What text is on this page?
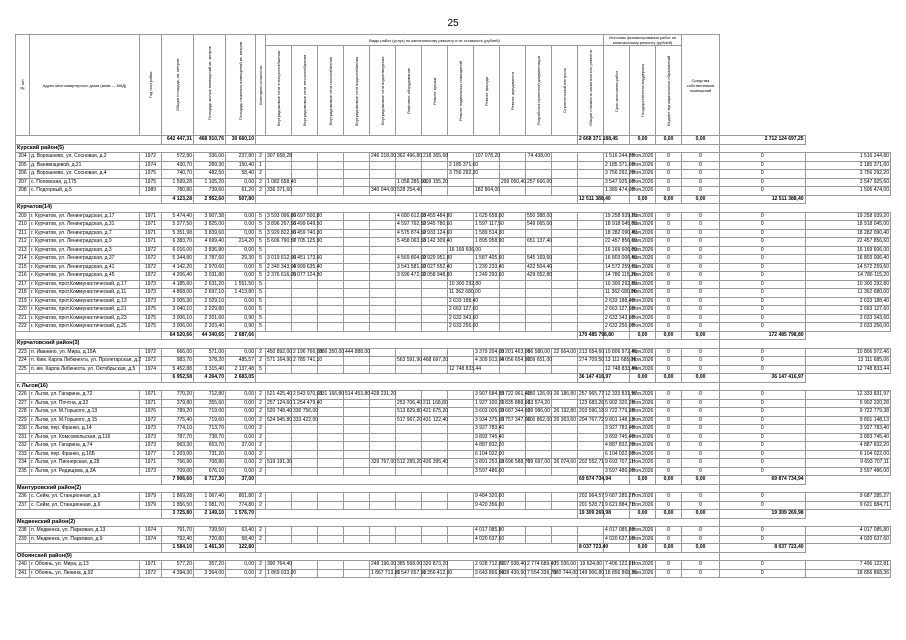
25
№ п/п	Адрес многоквартирного дома (кв/кв — МКД)	Год постройки	Общая площадь, кв. метров	Площадь жилых помещений кв. метров	Площадь нежилых помещений кв. метров	Категория сложности	Виды работ (услуг) по капитальному ремонту и их стоимость (рублей)													Источник финансирования работ по капитальному ремонту (рублей)			Средства собственников помещений		

							Внутридомовые сети электроснабжения	Внутридомовые сети теплоснабжения	Внутридомовые сети газоснабжения	Внутридомовые сети водоснабжения	Внутридомовые сети водоотведения	Лифтовое оборудование	Ремонт крыши	Ремонт подвальных помещений	Ремонт фасада	Ремонт фундамента	Разработка проектной документации	Строительный контроль	Общая стоимость капитального ремонта	Срок окончания работ	Государственная поддержка	Бюджет муниципальных образований			

			642 447,31	468 910,76	30 660,10														2 668 371 188,45		0,00	0,00	0,00	2 712 124 697,25	
Курский район(5)																									
204	д. Ворошнево, ул. Сосновая, д.2	1972	572,80	336,00	237,80	2	307 658,28				246 218,00	362 496,80	218 365,68		107 078,20		74 438,00			1 516 244,80	Ноя.2026	0	0	0	1 516 244,80
205	д. Ванивнщевой, д.21	1974	430,70	289,30	150,40	1								2 185 371,60						2 185 371,60	Ноя.2026	0	0	0	2 185 371,60
206	д. Ворошнево, ул. Сосновая, д.4	1975	740,70	482,50	58,40	2								3 756 292,20						3 756 292,20	Ноя.2026	0	0	0	3 756 292,20
207	с. Полевская, д.175	1975	1 599,28	1 105,20	0,00	2	1 082 658,40					1 058 285,60	609 155,20			299 050,40	257 666,00			3 547 925,60	Ноя.2026	0	0	0	3 547 925,60
208	с. Подгорный, д.5	1989	780,80	739,60	61,20	2	336 371,60				340 044,00	528 254,40			182 804,00					1 389 474,00	Ноя.2026	0	0	0	1 506 474,00
			4 123,28	2 952,60	507,80														12 511 388,40		0,00	0,00	0,00	12 511 388,40	
Курчатов(14)																									
209	г. Курчатов, ул. Ленинградская, д.17	1971	5 474,40	3 907,38	0,00	5	3 593 096,80	6 697 500,80				4 680 612,00	3 455 484,80		1 625 658,00		550 388,00			19 258 939,20	Ноя.2026	0	0	0	19 258 939,20
210	г. Курчатов, ул. Ленинградская, д.31	1971	5 377,50	3 825,00	0,00	5	3 896 267,50	6 499 649,50				4 597 762,50	2 945 780,60		1 597 117,50		549 065,00			18 918 045,00	Ноя.2026	0	0	0	18 918 045,00
211	г. Курчатов, ул. Ленинградская, д.7	1971	5 351,98	3 839,60	0,00	5	3 929 822,50	6 459 740,30				4 575 874,50	2 933 124,60		1 589 514,30					18 282 090,40	Ноя.2026	0	0	0	18 282 090,40
212	г. Курчатов, ул. Ленинградская, д.9	1971	6 383,70	4 699,40	214,20	5	5 606 790,50	7 705 125,90				5 458 063,50	3 142 309,40		1 895 958,90		651 137,40			22 457 856,60	Ноя.2026	0	0	0	22 457 856,60
213	г. Курчатов, ул. Ленинградская, д.3	1972	6 016,00	3 836,80	0,00	5								16 169 606,00						16 169 606,00	Ноя.2026	0	0	0	16 169 606,00
214	г. Курчатов, ул. Ленинградская, д.37	1972	5 344,80	3 787,60	29,30	5	3 019 612,00	6 451 173,60				4 569 804,00	2 929 951,80		1 587 405,60		545 169,60			16 803 006,40	Ноя.2026	0	0	0	16 803 006,40
215	г. Курчатов, ул. Ленинградская, д.41	1972	4 142,20	2 970,60	0,00	5	2 340 343,00	4 999 635,40				3 541 581,00	2 027 552,40		1 230 233,40		422 504,40			14 572 259,60	Ноя.2026	0	0	0	14 572 259,60
216	г. Курчатов, ул. Ленинградская, д.45	1972	4 206,40	3 031,80	0,00	5	2 376 616,00	5 077 124,80				3 596 472,00	2 058 948,80		1 249 293,60		429 052,80			14 786 115,20	Ноя.2026	0	0	0	14 786 115,20
217	г. Курчатов, прот.Коммунистический, д.17	1973	4 185,60	2 631,20	1 551,50	5								10 300 292,80						10 300 292,80	Ноя.2026	0	0	0	10 300 292,80
218	г. Курчатов, прот.Коммунистический, д.11	1973	4 868,00	2 697,10	1 413,80	5								11 362 680,00						11 362 680,00	Ноя.2026	0	0	0	11 362 680,00
219	г. Курчатов, прот.Коммунистический, д.13	1973	3 005,30	2 029,10	0,00	5								2 633 188,40						2 633 188,40	Ноя.2026	0	0	0	2 633 188,40
220	г. Курчатов, прот.Коммунистический, д.21	1975	3 040,10	2 229,80	0,00	5								2 663 127,60						2 663 127,60	Ноя.2026	0	0	0	2 663 127,60
221	г. Курчатов, прот.Коммунистический, д.23	1975	3 006,10	2 201,60	0,90	5								2 633 343,60						2 633 343,60	Ноя.2026	0	0	0	2 633 343,60
222	г. Курчатов, прот.Коммунистический, д.25	1975	3 006,00	2 203,40	0,90	5								2 633 256,00						2 633 256,00	Ноя.2026	0	0	0	2 633 256,00
			64 520,66	44 340,65	2 687,66														170 485 798,80		0,00	0,00	0,00	172 485 798,80	
Курчатовский район(3)																									
223	п. Иванино, ул. Мира, д.19А	1972	666,00	571,00	0,00	2	450 892,00	2 196 766,00	386 350,00	444 888,00					3 379 204,00	3 201 463,00	66 580,00	22 664,00	213 654,60	10 806 972,46	Ноя.2026	0	0	0	10 806 972,46
224	п. Ким. Карла Либкнехта, ул. Пролетарская, д.2	1972	983,70	378,20	485,57	2	571 164,90	2 785 741,10				563 591,90	468 697,20		4 309 913,90	4 056 654,90	109 651,00		274 709,50	13 111 685,06	Ноя.2026	0	0	0	13 111 685,06
225	п. им. Карла Либкнехта, ул. Октябрьская, д.5	1974	5 452,88	3 315,40	2 137,48	5								12 748 833,44						12 748 833,44	Ноя.2026	0	0	0	12 748 833,44
			6 952,58	4 264,70	2 683,05														36 147 416,97		0,00	0,00	0,00	36 147 416,97	
г. Льгов(16)																									
226	г. Льгов, ул. Гагарина, д.72	1971	770,20	712,80	0,00	2	521 425,40	2 543 970,60	331 166,80	514 453,80	428 231,20				3 907 684,80	3 722 961,40	180 126,00	26 186,80	257 965,77	12 333 831,97	Ноя.2026	0	0	0	12 333 831,97
227	г. Льгов, ул. Почтна, д.32	1971	379,80	355,60	0,00	2	257 124,60	1 254 479,40				253 706,40	211 168,80		1 927 100,20	1 835 888,60	63 574,20		123 683,26	5 902 320,28	Ноя.2026	0	0	0	5 902 320,28
228	г. Льгов, ул. М.Горького, д.13	1976	789,20	719,00	0,00	2	520 748,40	330 756,00				513 829,80	421 675,20		3 603 005,00	3 687 344,60	99 986,00	26 192,80	203 596,18	9 722 779,38	Ноя.2026	0	0	0	9 722 779,38
229	г. Льгов, ул. М.Горького, д.15	1972	775,40	719,60	0,00	2	524 945,80	333 422,00				517 967,20	431 122,40		3 934 375,60	3 757 347,00	100 862,00	26 363,60	204 767,72	9 801 148,13	Ноя.2026	0	0	0	9 801 148,13
230	г. Льгов, пер. Франко, д.14	1973	774,10	713,70	0,00	2									3 927 783,40					3 927 783,40	Ноя.2026	0	0	0	3 927 783,40
231	г. Льгов, ул. Комсомольская, д.116	1973	787,70	738,70	0,00	2									3 893 745,40					3 893 745,40	Ноя.2026	0	0	0	3 893 745,40
232	г. Льгов, ул. Гагарина, д.74	1973	963,30	653,70	37,00	2									4 887 832,20					4 887 832,20	Ноя.2026	0	0	0	4 887 832,20
233	г. Льгов, пер. Франко, д.16Б	1977	1 203,00	731,20	0,00	2									6 104 022,00					6 104 022,00	Ноя.2026	0	0	0	6 104 022,00
234	г. Льгов, ул. Пионерская, д.28	1971	766,90	708,80	0,00	2	519 191,30				329 767,00	512 289,20	426 395,40		3 891 253,60	3 696 588,70	99 697,00	26 074,60	202 552,71	9 693 707,11	Ноя.2026	0	0	0	9 693 707,11
235	г. Льгов, ул. Редищева, д.3А	1973	709,00	676,10	0,00	2									3 597 486,00					3 597 486,00	Ноя.2026	0	0	0	3 597 486,00
			7 906,60	6 717,30	37,00														69 874 734,94		0,00	0,00	0,00	69 874 734,94	
Мантуровский район(2)																									
236	с. Сейм, ул. Станционная, д.5	1979	1 869,28	1 067,40	801,80	2									9 484 320,00				202 964,57	9 687 285,27	Ноя.2026	0	0	0	9 687 285,27
237	с. Сейм, ул. Станционная, д.6	1979	1 856,50	1 081,70	774,80	2									9 420 356,00				201 528,71	9 621 884,71	Ноя.2026	0	0	0	9 621 884,71
			3 725,80	2 149,10	1 576,70														19 309 269,98		0,00	0,00	0,00	19 309 269,98	
Медвенский район(2)																									
238	п. Медвенка, ул. Парковая, д.13	1974	791,70	739,50	63,40	2									4 017 085,80					4 017 085,80	Ноя.2026	0	0	0	4 017 085,80
239	п. Медвенка, ул. Парковая, д.9	1974	792,40	720,80	58,40	2									4 020 637,60					4 020 637,60	Ноя.2026	0	0	0	4 020 637,60
			1 584,10	1 461,30	122,80														8 037 723,40		0,00	0,00	0,00	8 037 723,40	
Обоянский район(9)																									
240	г. Обоянь, ул. Мира, д.13	1971	577,20	357,20	0,00	2	390 764,40				248 196,00	385 568,00	320 873,20		2 928 712,80	107 938,40	2 774 689,40	75 036,00	19 624,80	7 406 122,81	Ноя.2026	0	0	0	7 496 122,81
241	г. Обоянь, ул. Ленина, д.92	1972	4 394,30	3 364,00	0,00	2	1 869 633,30				1 867 713,80	1 547 657,90	1 356 412,90		3 643 866,80	438 439,90	7 554 339,70	380 744,00	149 906,80	18 856 868,36	Ноя.2026	0	0	0	18 856 868,36
